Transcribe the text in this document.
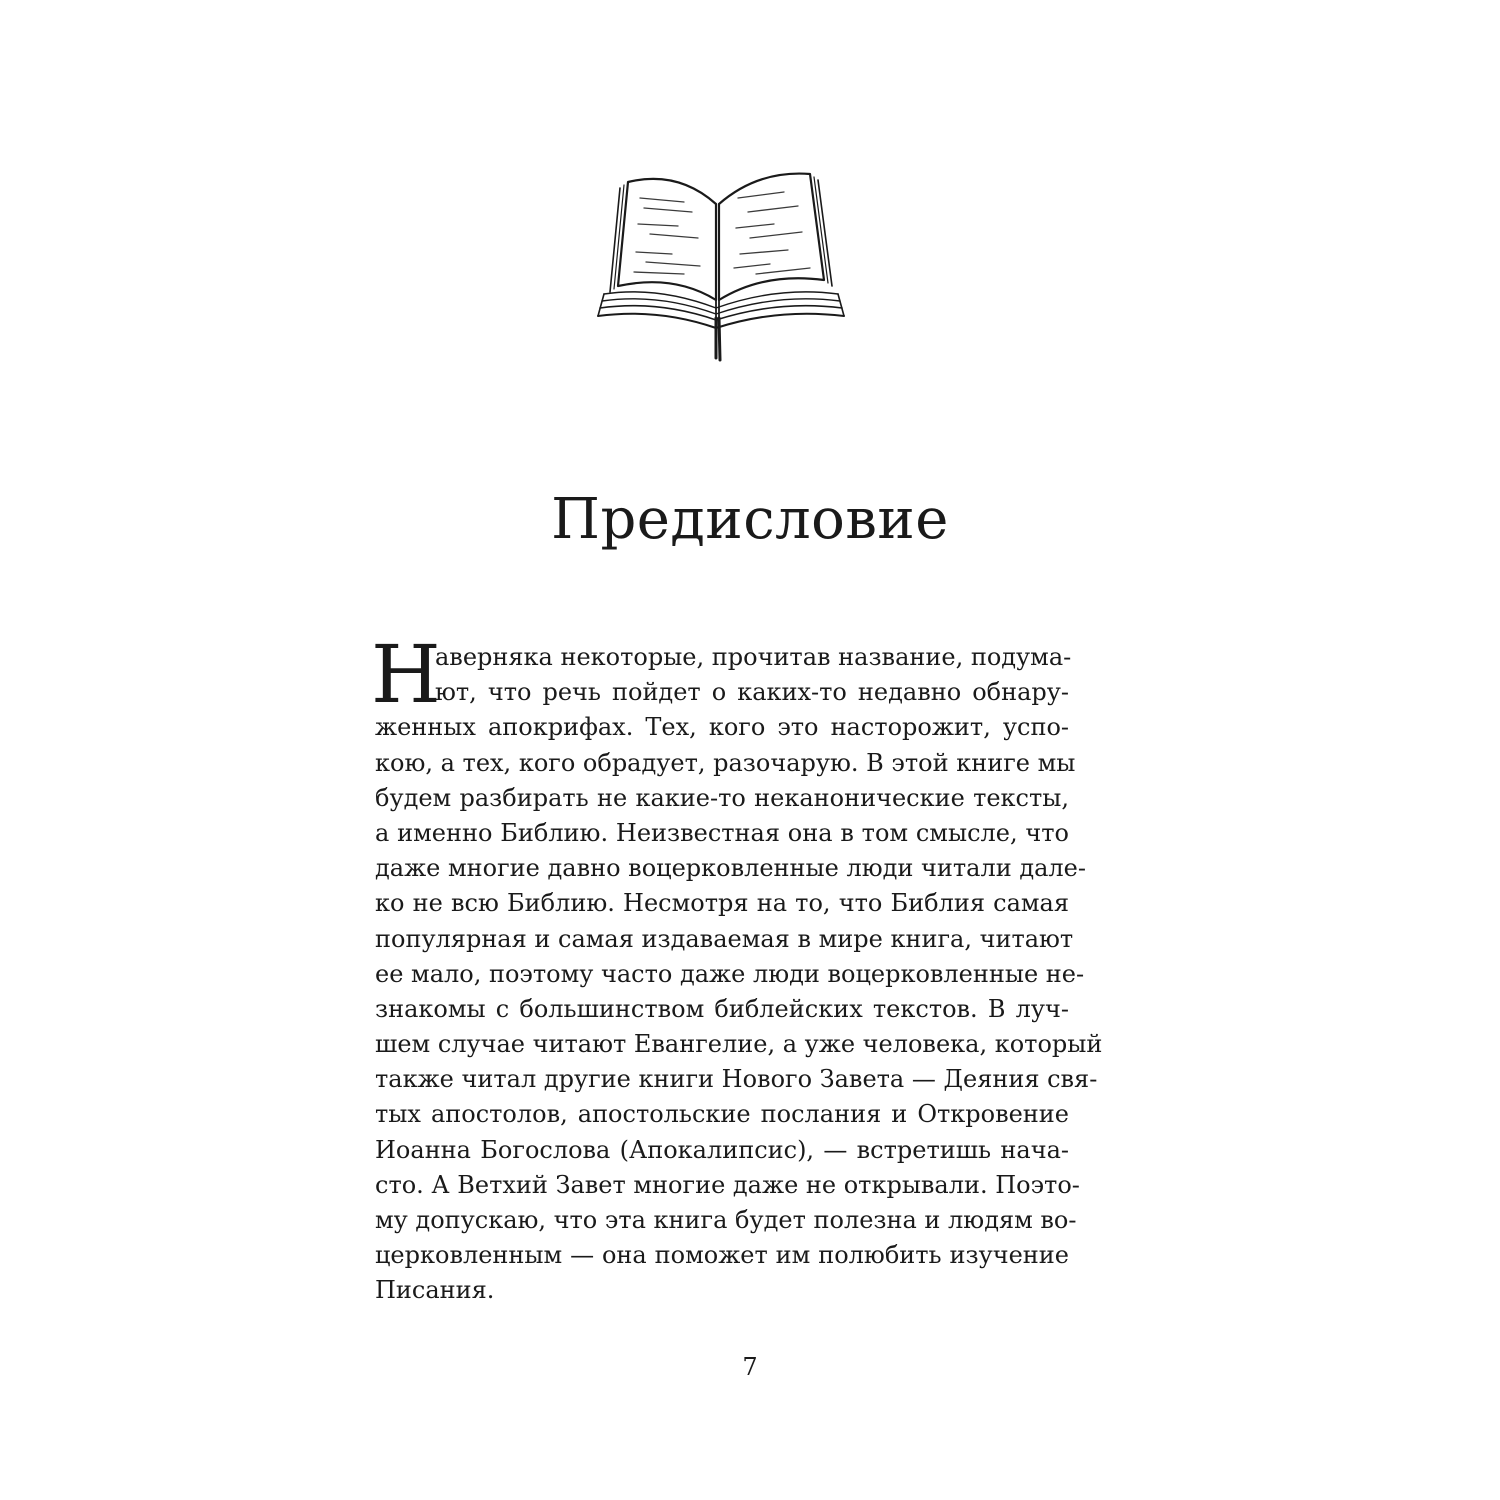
Предисловие
Н
аверняка некоторые, прочитав название, подума-
ют, что речь пойдет о каких-то недавно обнару-
женных апокрифах. Тех, кого это насторожит, успо-
кою, а тех, кого обрадует, разочарую. В этой книге мы
будем разбирать не какие-то неканонические тексты,
а именно Библию. Неизвестная она в том смысле, что
даже многие давно воцерковленные люди читали дале-
ко не всю Библию. Несмотря на то, что Библия самая
популярная и самая издаваемая в мире книга, читают
ее мало, поэтому часто даже люди воцерковленные не-
знакомы с большинством библейских текстов. В луч-
шем случае читают Евангелие, а уже человека, который
также читал другие книги Нового Завета — Деяния свя-
тых апостолов, апостольские послания и Откровение
Иоанна Богослова (Апокалипсис), — встретишь нача-
сто. А Ветхий Завет многие даже не открывали. Поэто-
му допускаю, что эта книга будет полезна и людям во-
церковленным — она поможет им полюбить изучение
Писания.
7
